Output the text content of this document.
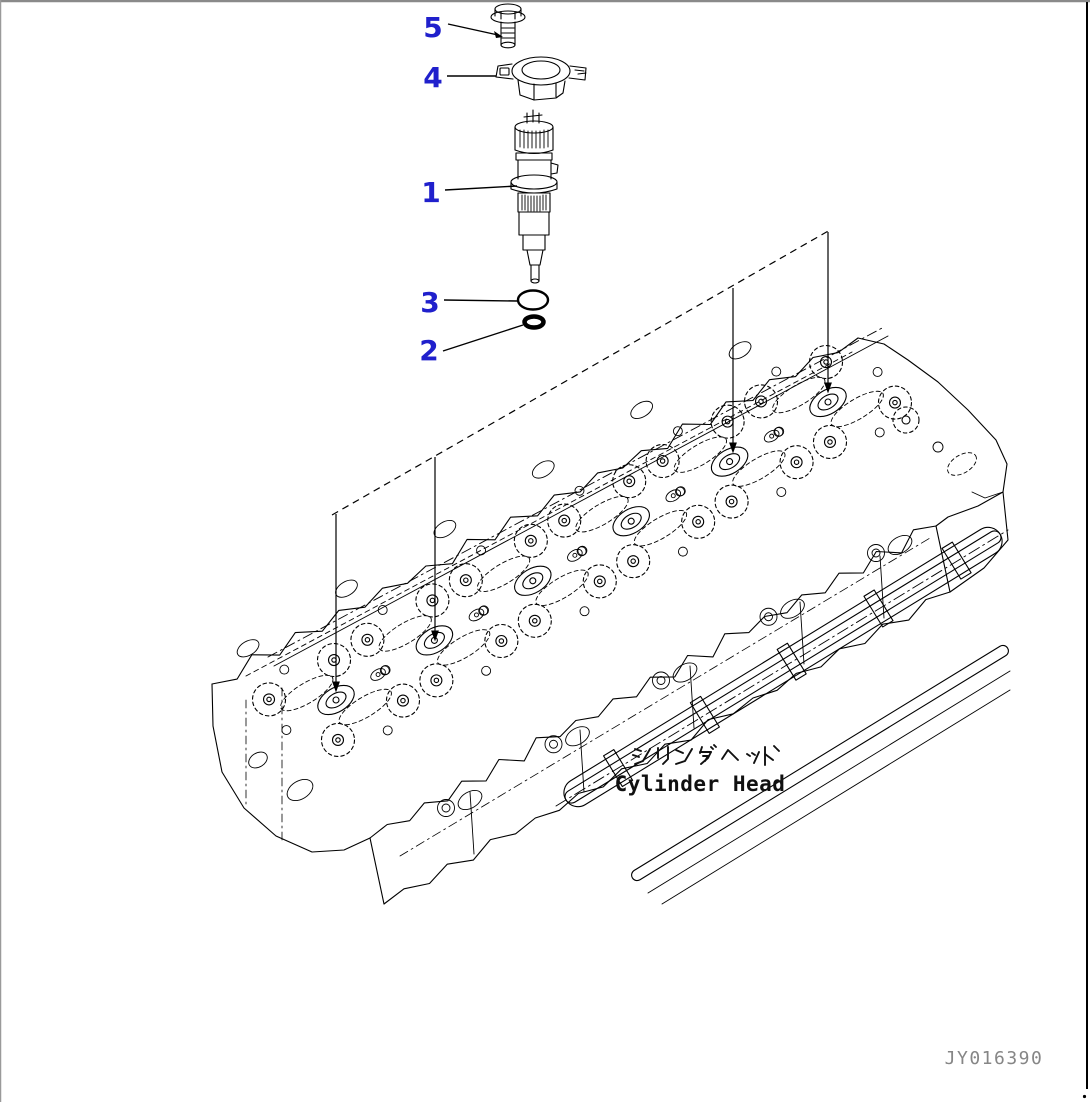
5
4
1
3
2
シリンダヘッド
Cylinder Head
JY016390
